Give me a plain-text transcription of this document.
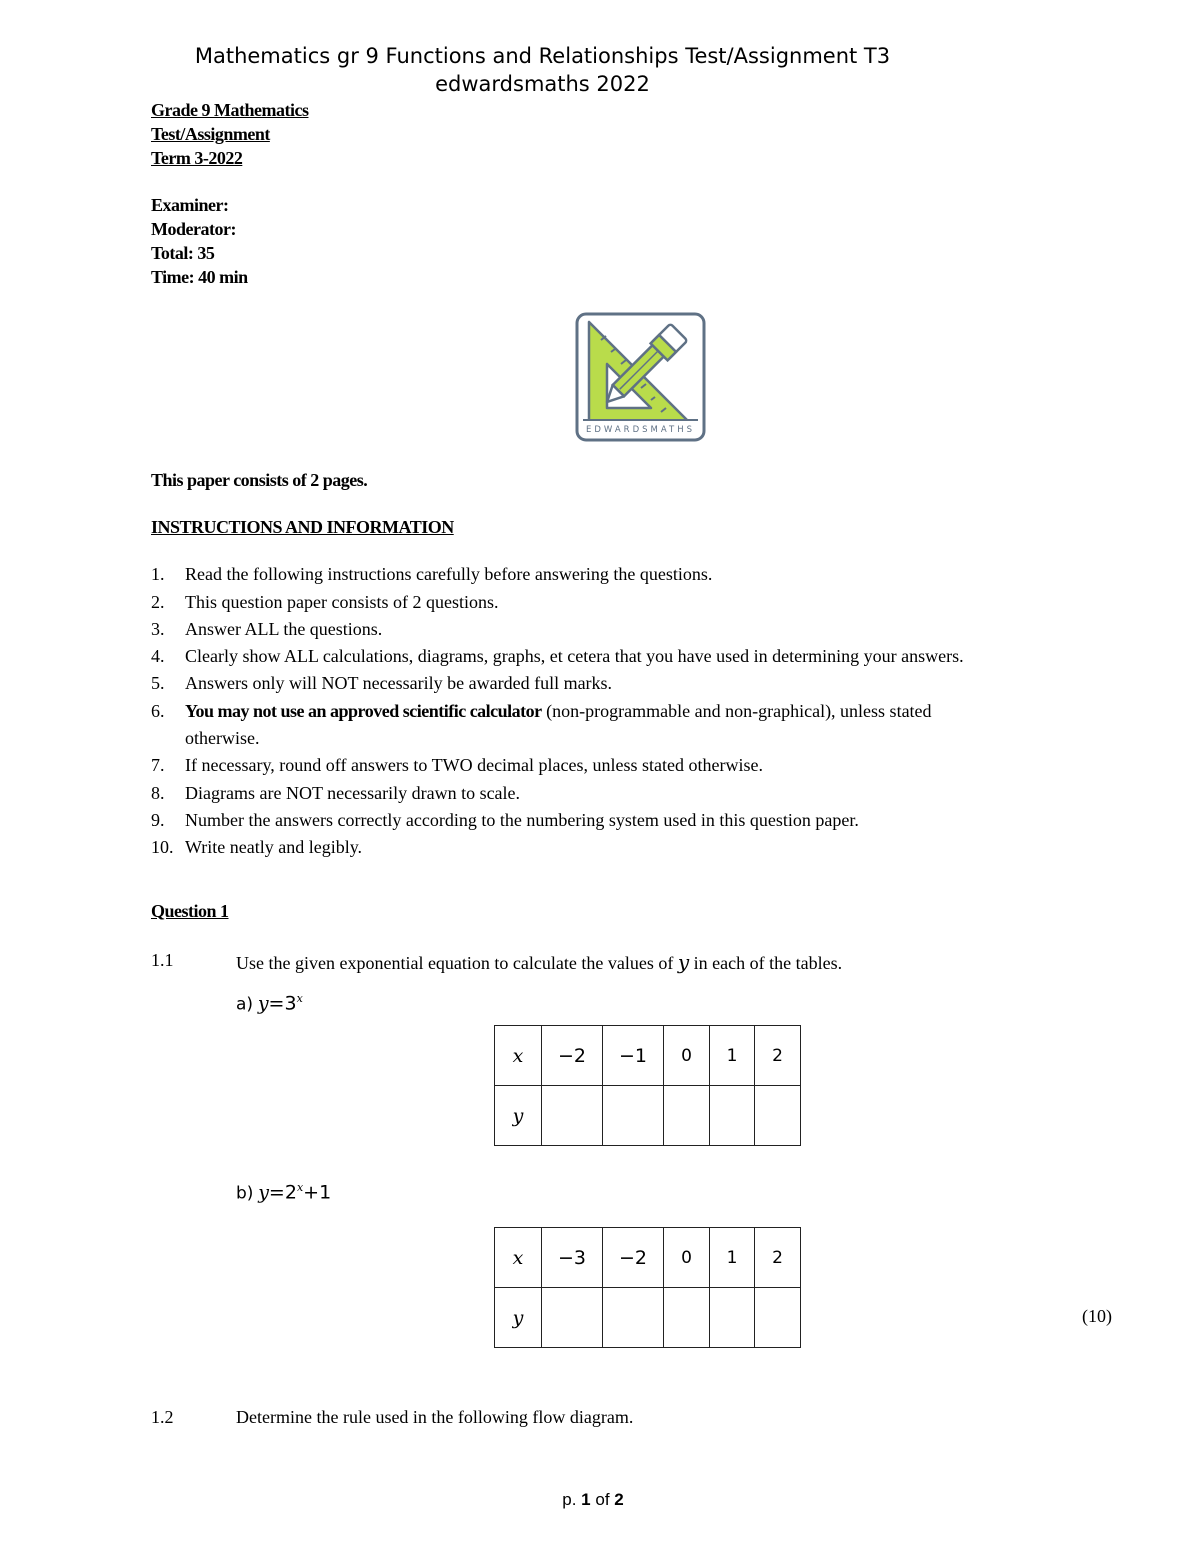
Mathematics gr 9 Functions and Relationships Test/Assignment T3
edwardsmaths 2022
Grade 9 Mathematics
Test/Assignment
Term 3-2022
Examiner:
Moderator:
Total: 35
Time: 40 min
EDWARDSMATHS
This paper consists of 2 pages.
INSTRUCTIONS AND INFORMATION
1.	Read the following instructions carefully before answering the questions.
2.	This question paper consists of 2 questions.
3.	Answer ALL the questions.
4.	Clearly show ALL calculations, diagrams, graphs, et cetera that you have used in determining your answers.
5.	Answers only will NOT necessarily be awarded full marks.
6.	You may not use an approved scientific calculator (non-programmable and non-graphical), unless stated
otherwise.
7.	If necessary, round off answers to TWO decimal places, unless stated otherwise.
8.	Diagrams are NOT necessarily drawn to scale.
9.	Number the answers correctly according to the numbering system used in this question paper.
10. Write neatly and legibly.
Question 1
1.1	Use the given exponential equation to calculate the values of y in each of the tables.
a) $y=3^x$
x	−2	−1	0	1	2
y					
b) $y=2^x+1$
x	−3	−2	0	1	2
y						(10)
1.2	Determine the rule used in the following flow diagram.
p. 1 of 2
